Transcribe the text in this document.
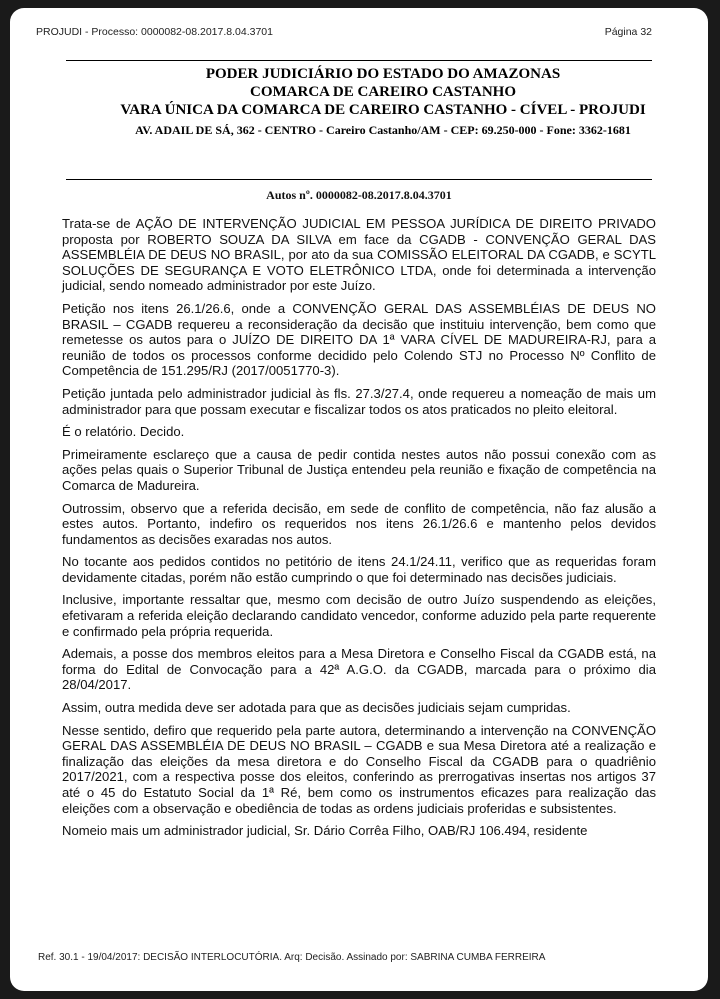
PROJUDI - Processo: 0000082-08.2017.8.04.3701	Página 32
PODER JUDICIÁRIO DO ESTADO DO AMAZONAS
COMARCA DE CAREIRO CASTANHO
VARA ÚNICA DA COMARCA DE CAREIRO CASTANHO - CÍVEL - PROJUDI
AV. ADAIL DE SÁ, 362 - CENTRO - Careiro Castanho/AM - CEP: 69.250-000 - Fone: 3362-1681
Autos nº. 0000082-08.2017.8.04.3701

Trata-se de AÇÃO DE INTERVENÇÃO JUDICIAL EM PESSOA JURÍDICA DE DIREITO PRIVADO proposta por ROBERTO SOUZA DA SILVA em face da CGADB - CONVENÇÃO GERAL DAS ASSEMBLÉIA DE DEUS NO BRASIL, por ato da sua COMISSÃO ELEITORAL DA CGADB, e SCYTL SOLUÇÕES DE SEGURANÇA E VOTO ELETRÔNICO LTDA, onde foi determinada a intervenção judicial, sendo nomeado administrador por este Juízo.

Petição nos itens 26.1/26.6, onde a CONVENÇÃO GERAL DAS ASSEMBLÉIAS DE DEUS NO BRASIL – CGADB requereu a reconsideração da decisão que instituiu intervenção, bem como que remetesse os autos para o JUÍZO DE DIREITO DA 1ª VARA CÍVEL DE MADUREIRA-RJ, para a reunião de todos os processos conforme decidido pelo Colendo STJ no Processo Nº Conflito de Competência de 151.295/RJ (2017/0051770-3).

Petição juntada pelo administrador judicial às fls. 27.3/27.4, onde requereu a nomeação de mais um administrador para que possam executar e fiscalizar todos os atos praticados no pleito eleitoral.

É o relatório. Decido.

Primeiramente esclareço que a causa de pedir contida nestes autos não possui conexão com as ações pelas quais o Superior Tribunal de Justiça entendeu pela reunião e fixação de competência na Comarca de Madureira.

Outrossim, observo que a referida decisão, em sede de conflito de competência, não faz alusão a estes autos. Portanto, indefiro os requeridos nos itens 26.1/26.6 e mantenho pelos devidos fundamentos as decisões exaradas nos autos.

No tocante aos pedidos contidos no petitório de itens 24.1/24.11, verifico que as requeridas foram devidamente citadas, porém não estão cumprindo o que foi determinado nas decisões judiciais.

Inclusive, importante ressaltar que, mesmo com decisão de outro Juízo suspendendo as eleições, efetivaram a referida eleição declarando candidato vencedor, conforme aduzido pela parte requerente e confirmado pela própria requerida.

Ademais, a posse dos membros eleitos para a Mesa Diretora e Conselho Fiscal da CGADB está, na forma do Edital de Convocação para a 42ª A.G.O. da CGADB, marcada para o próximo dia 28/04/2017.

Assim, outra medida deve ser adotada para que as decisões judiciais sejam cumpridas.

Nesse sentido, defiro que requerido pela parte autora, determinando a intervenção na CONVENÇÃO GERAL DAS ASSEMBLÉIA DE DEUS NO BRASIL – CGADB e sua Mesa Diretora até a realização e finalização das eleições da mesa diretora e do Conselho Fiscal da CGADB para o quadriênio 2017/2021, com a respectiva posse dos eleitos, conferindo as prerrogativas insertas nos artigos 37 até o 45 do Estatuto Social da 1ª Ré, bem como os instrumentos eficazes para realização das eleições com a observação e obediência de todas as ordens judiciais proferidas e subsistentes.

Nomeio mais um administrador judicial, Sr. Dário Corrêa Filho, OAB/RJ 106.494, residente

Ref. 30.1 - 19/04/2017: DECISÃO INTERLOCUTÓRIA. Arq: Decisão. Assinado por: SABRINA CUMBA FERREIRA
